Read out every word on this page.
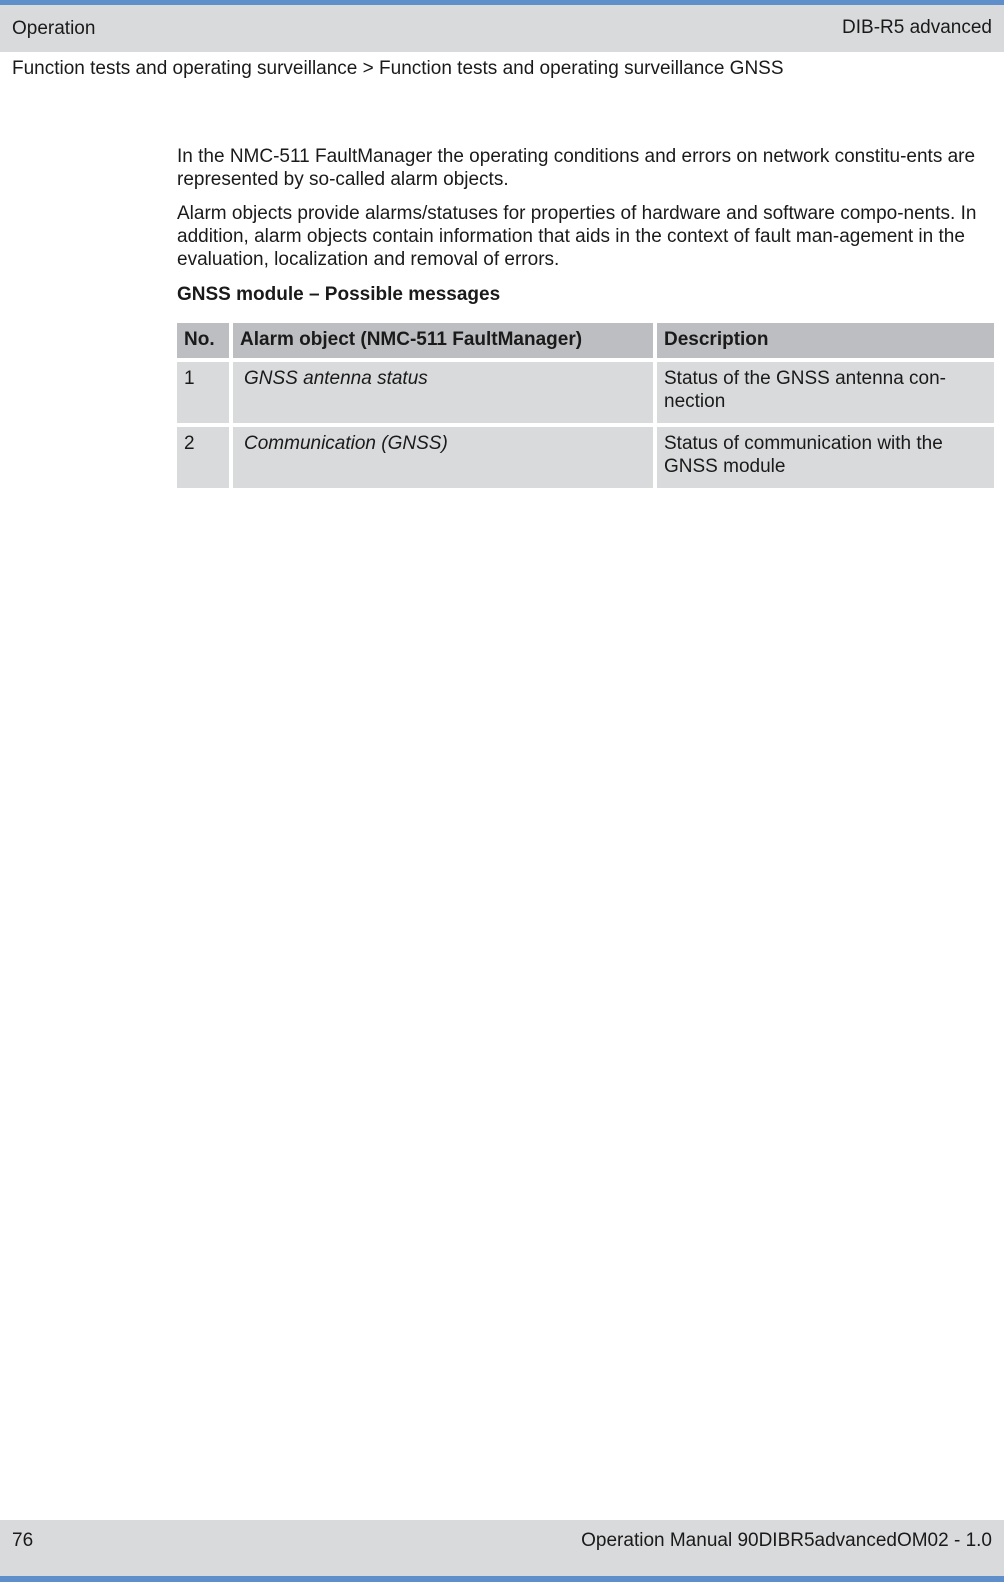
Operation	DIB-R5 advanced
Function tests and operating surveillance > Function tests and operating surveillance GNSS

In the NMC-511 FaultManager the operating conditions and errors on network constitu-ents are represented by so-called alarm objects.

Alarm objects provide alarms/statuses for properties of hardware and software compo-nents. In addition, alarm objects contain information that aids in the context of fault man-agement in the evaluation, localization and removal of errors.

GNSS module – Possible messages
No.	Alarm object (NMC-511 FaultManager)	Description
1	GNSS antenna status	Status of the GNSS antenna con-nection
2	Communication (GNSS)	Status of communication with the GNSS module
76	Operation Manual 90DIBR5advancedOM02 - 1.0
